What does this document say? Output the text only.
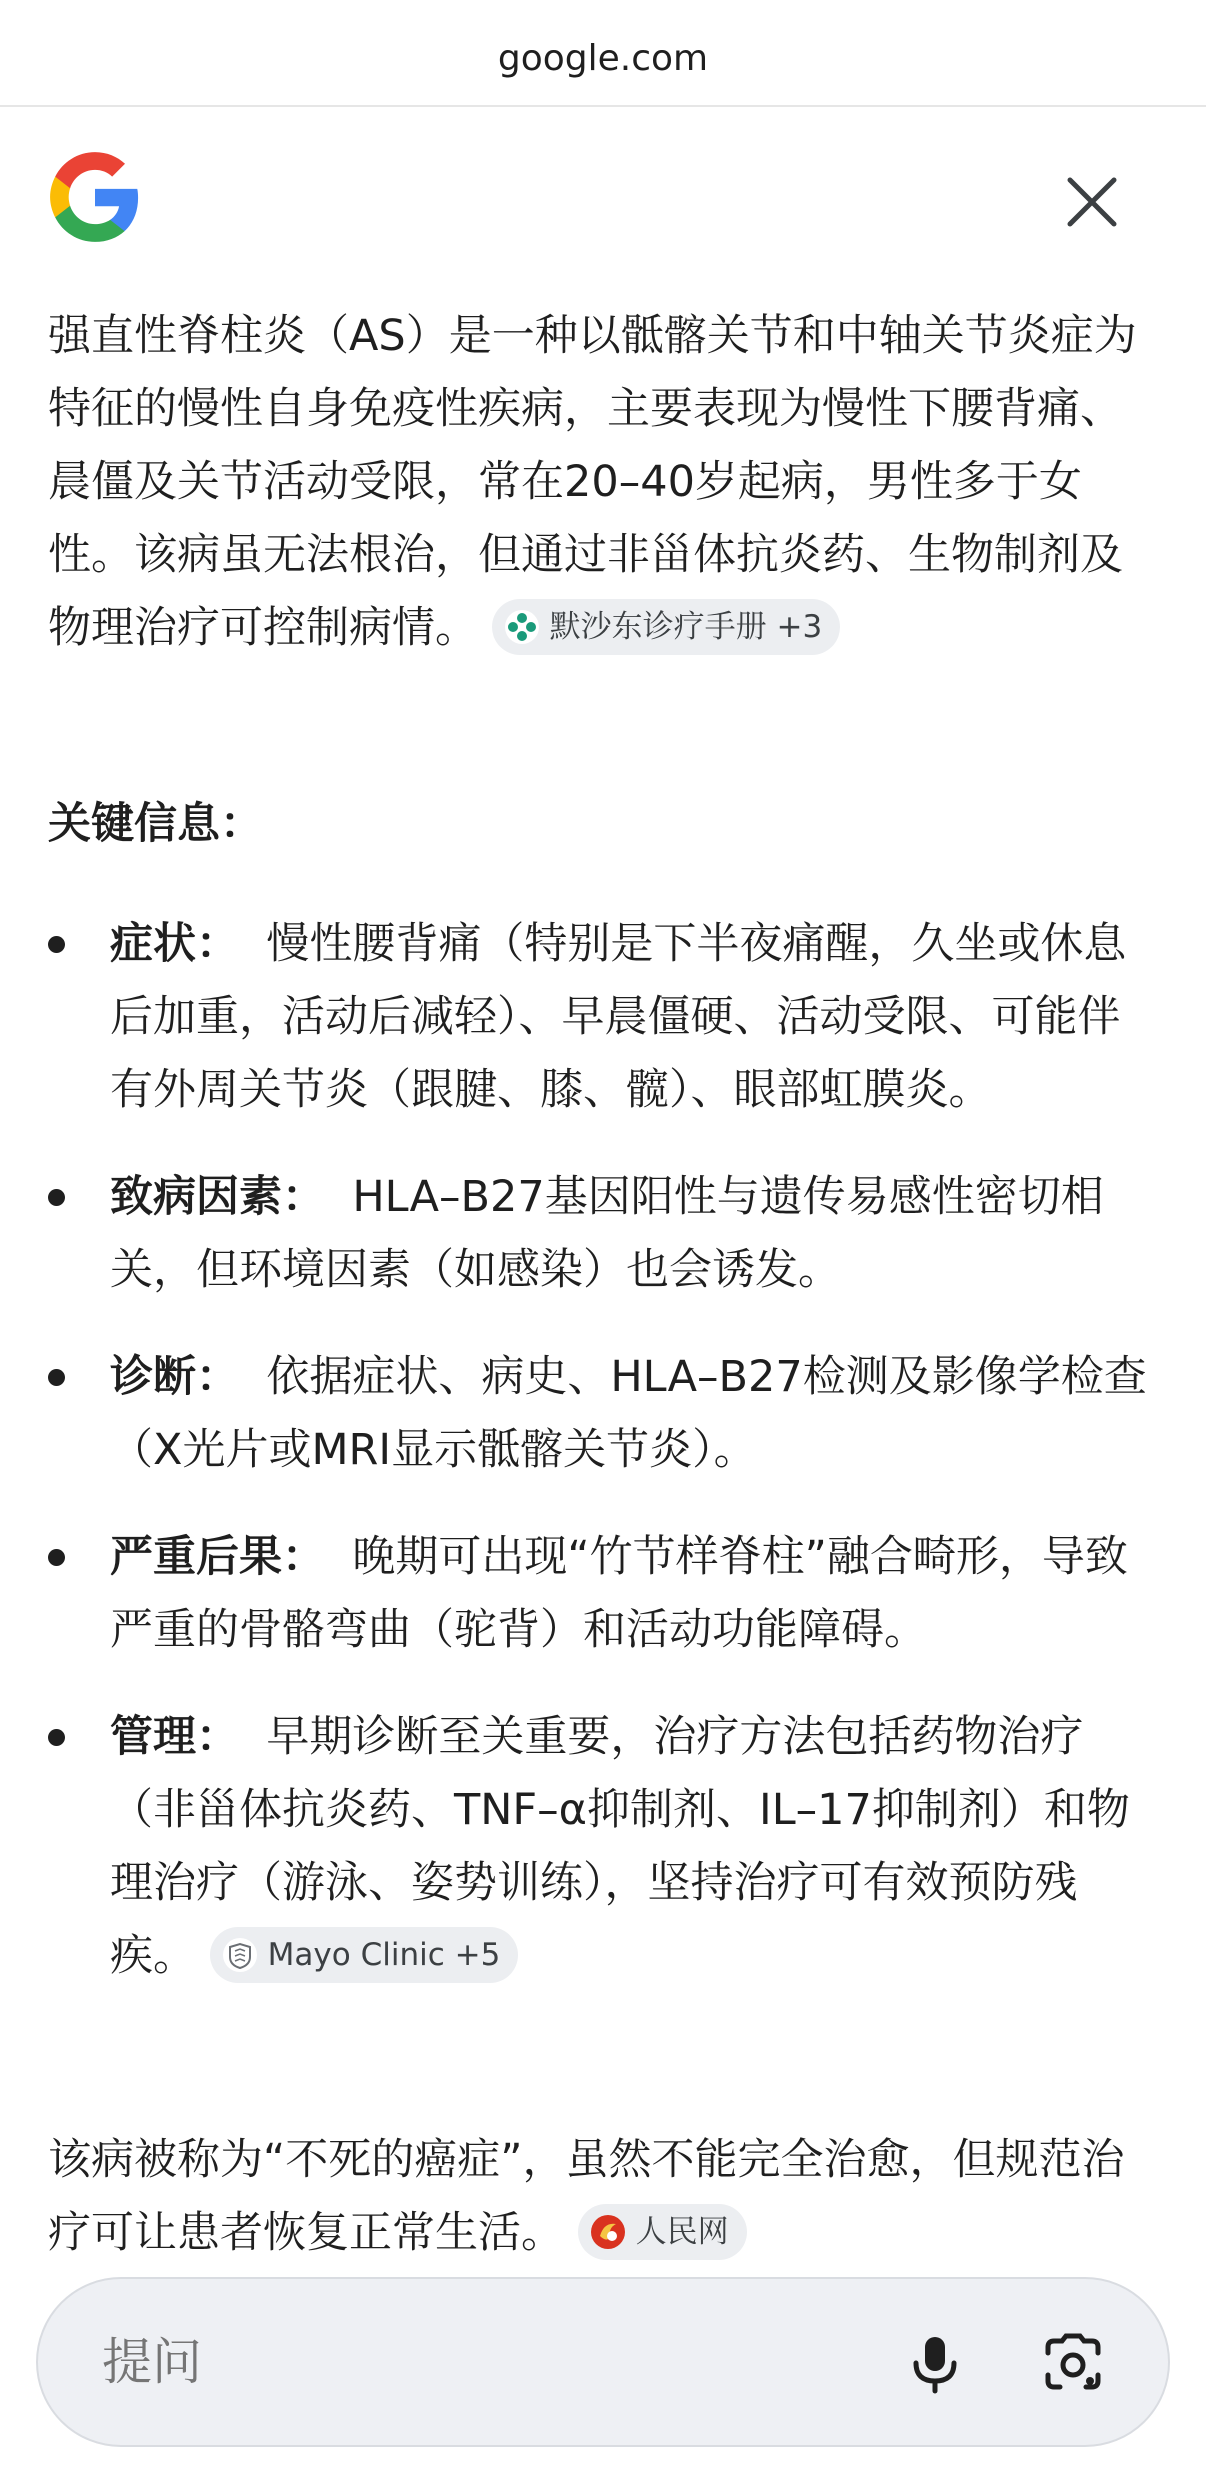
google.com

强直性脊柱炎（AS）是一种以骶髂关节和中轴关节炎症为特征的慢性自身免疫性疾病，主要表现为慢性下腰背痛、晨僵及关节活动受限，常在20–40岁起病，男性多于女性。该病虽无法根治，但通过非甾体抗炎药、生物制剂及物理治疗可控制病情。 默沙东诊疗手册 +3

关键信息：

症状： 慢性腰背痛（特别是下半夜痛醒，久坐或休息后加重，活动后减轻）、早晨僵硬、活动受限、可能伴有外周关节炎（跟腱、膝、髋）、眼部虹膜炎。
致病因素： HLA–B27基因阳性与遗传易感性密切相关，但环境因素（如感染）也会诱发。
诊断： 依据症状、病史、HLA–B27检测及影像学检查（X光片或MRI显示骶髂关节炎）。
严重后果： 晚期可出现“竹节样脊柱”融合畸形，导致严重的骨骼弯曲（驼背）和活动功能障碍。
管理： 早期诊断至关重要，治疗方法包括药物治疗（非甾体抗炎药、TNF–α抑制剂、IL–17抑制剂）和物理治疗（游泳、姿势训练），坚持治疗可有效预防残疾。 Mayo Clinic +5

该病被称为“不死的癌症”，虽然不能完全治愈，但规范治疗可让患者恢复正常生活。 人民网

提问
